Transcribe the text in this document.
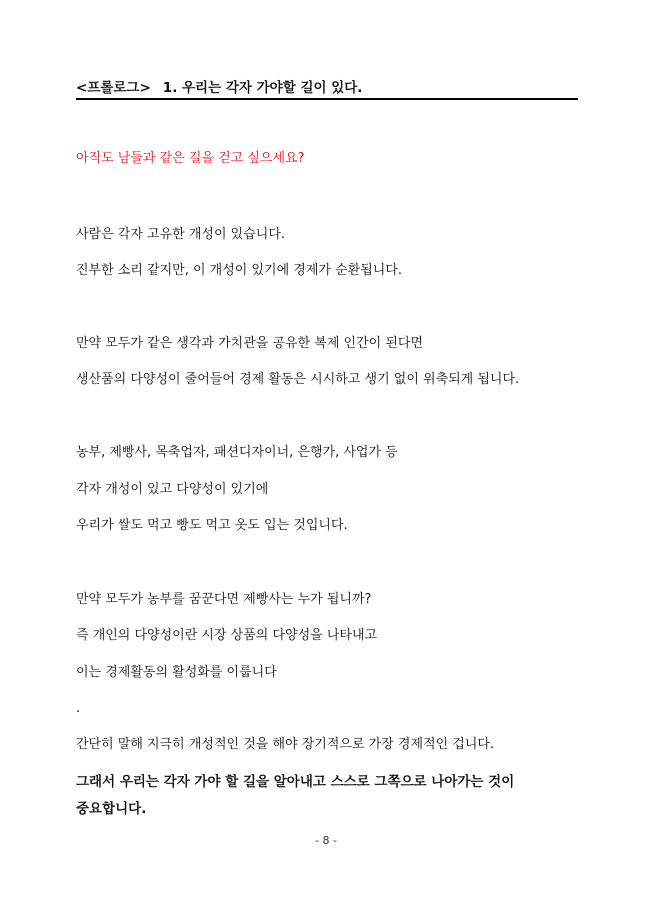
<프롤로그> 1. 우리는 각자 가야할 길이 있다.
아직도 남들과 같은 길을 걷고 싶으세요?
사람은 각자 고유한 개성이 있습니다.
진부한 소리 같지만, 이 개성이 있기에 경제가 순환됩니다.
만약 모두가 같은 생각과 가치관을 공유한 복제 인간이 된다면
생산품의 다양성이 줄어들어 경제 활동은 시시하고 생기 없이 위축되게 됩니다.
농부, 제빵사, 목축업자, 패션디자이너, 은행가, 사업가 등
각자 개성이 있고 다양성이 있기에
우리가 쌀도 먹고 빵도 먹고 옷도 입는 것입니다.
만약 모두가 농부를 꿈꾼다면 제빵사는 누가 됩니까?
즉 개인의 다양성이란 시장 상품의 다양성을 나타내고
이는 경제활동의 활성화를 이룹니다
.
간단히 말해 지극히 개성적인 것을 해야 장기적으로 가장 경제적인 겁니다.
그래서 우리는 각자 가야 할 길을 알아내고 스스로 그쪽으로 나아가는 것이
중요합니다.
- 8 -
